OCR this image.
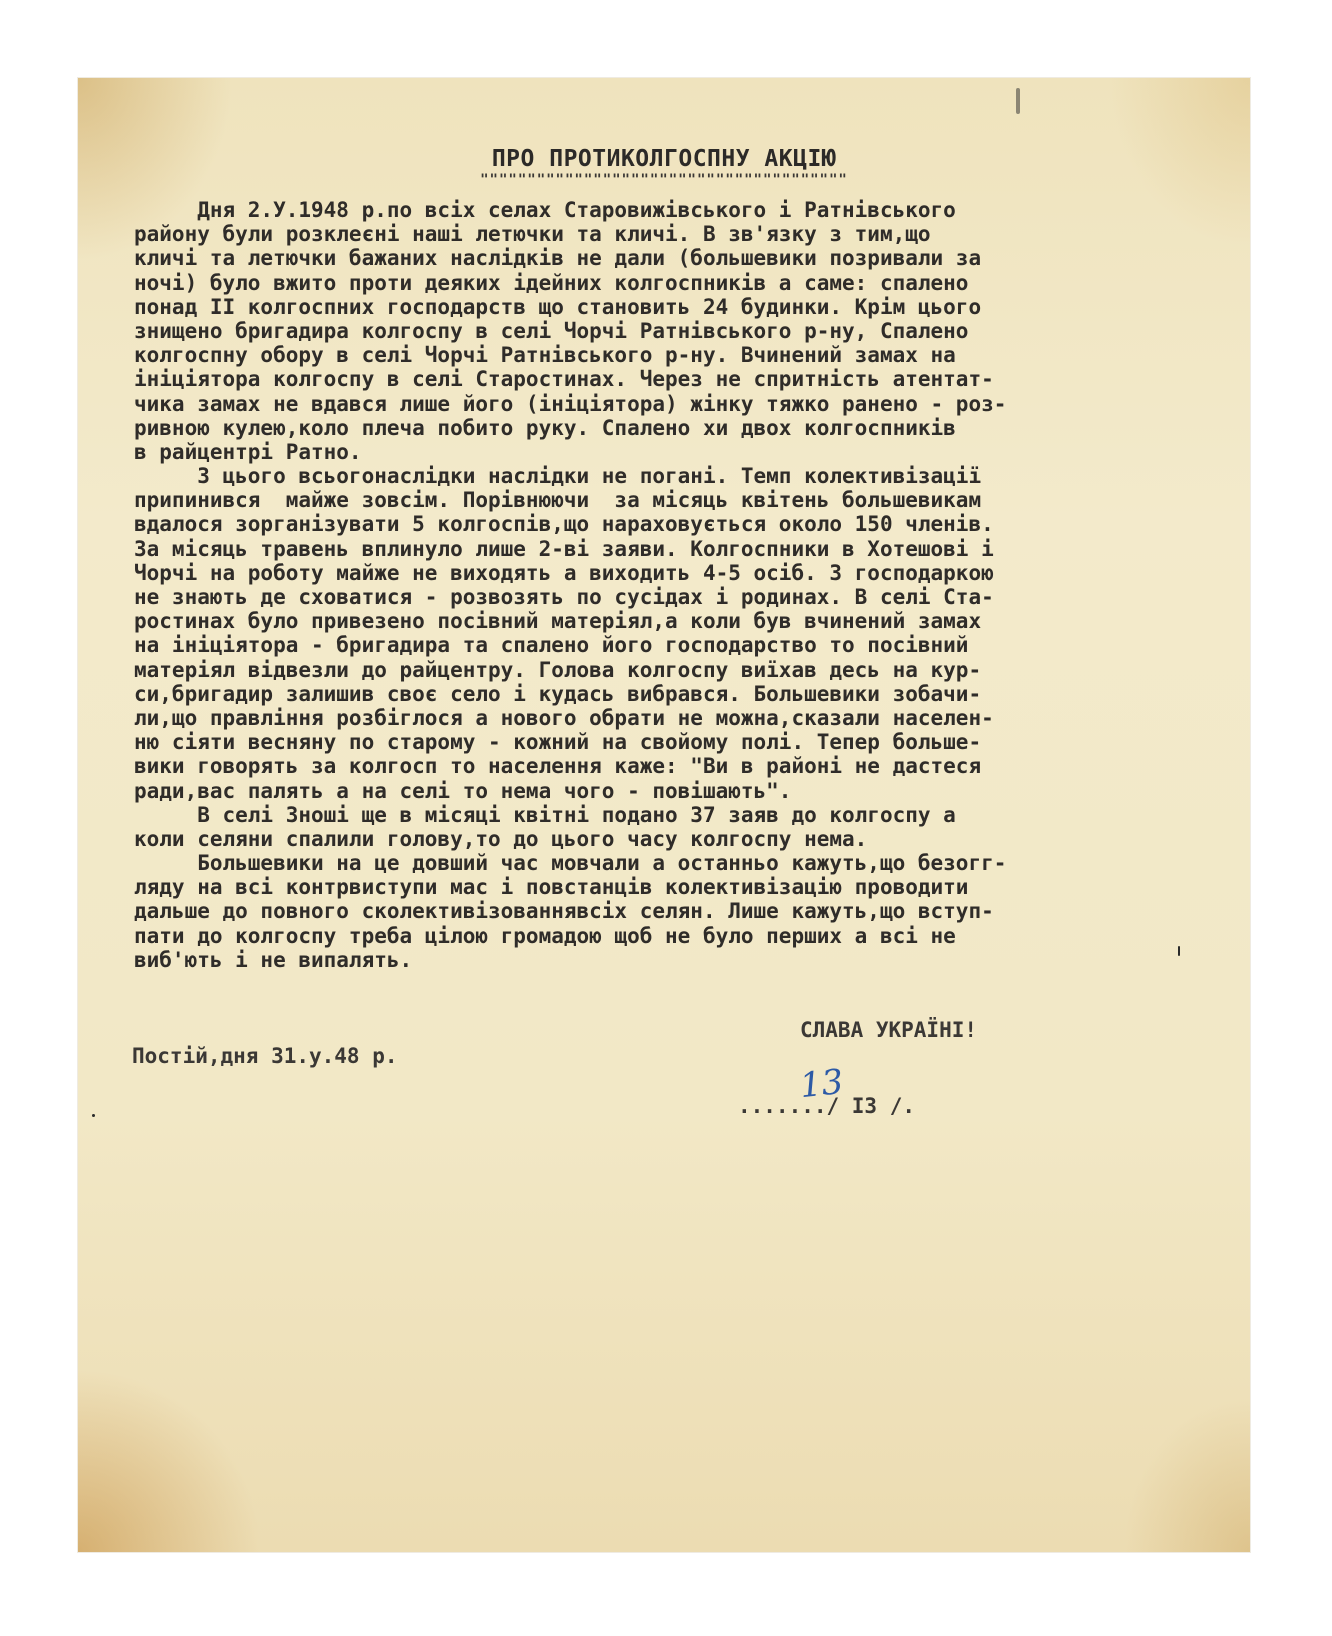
ПРО ПРОТИКОЛГОСПНУ АКЦІЮ
"""""""""""""""""""""""""""""""""""""""
Дня 2.У.1948 р.по всіх селах Старовижівського і Ратнівського
району були розклеєні наші летючки та кличі. В зв'язку з тим,що
кличі та летючки бажаних наслідків не дали (большевики позривали за
ночі) було вжито проти деяких ідейних колгоспників а саме: спалено
понад II колгоспних господарств що становить 24 будинки. Крім цього
знищено бригадира колгоспу в селі Чорчі Ратнівського р-ну, Спалено
колгоспну обору в селі Чорчі Ратнівського р-ну. Вчинений замах на
ініціятора колгоспу в селі Старостинах. Через не спритність атентат-
чика замах не вдався лише його (ініціятора) жінку тяжко ранено - роз-
ривною кулею,коло плеча побито руку. Спалено хи двох колгоспників
в райцентрі Ратно.
З цього всьогонаслідки наслідки не погані. Темп колективізації
припинився  майже зовсім. Порівнюючи  за місяць квітень большевикам
вдалося зорганізувати 5 колгоспів,що нараховується около 150 членів.
За місяць травень вплинуло лише 2-ві заяви. Колгоспники в Хотешові і
Чорчі на роботу майже не виходять а виходить 4-5 осіб. З господаркою
не знають де сховатися - розвозять по сусідах і родинах. В селі Ста-
ростинах було привезено посівний матеріял,а коли був вчинений замах
на ініціятора - бригадира та спалено його господарство то посівний
матеріял відвезли до райцентру. Голова колгоспу виїхав десь на кур-
си,бригадир залишив своє село і кудась вибрався. Большевики зобачи-
ли,що правління розбіглося а нового обрати не можна,сказали населен-
ню сіяти весняну по старому - кожний на свойому полі. Тепер больше-
вики говорять за колгосп то населення каже: "Ви в районі не дастеся
ради,вас палять а на селі то нема чого - повішають".
В селі Зноші ще в місяці квітні подано 37 заяв до колгоспу а
коли селяни спалили голову,то до цього часу колгоспу нема.
Большевики на це довший час мовчали а останньо кажуть,що безогг-
ляду на всі контрвиступи мас і повстанців колективізацію проводити
дальше до повного сколективізованнявсіх селян. Лише кажуть,що вступ-
пати до колгоспу треба цілою громадою щоб не було перших а всі не
виб'ють і не випалять.
СЛАВА УКРАЇНІ!
Постій,дня 31.у.48 р.
13
......./ I3 /.
